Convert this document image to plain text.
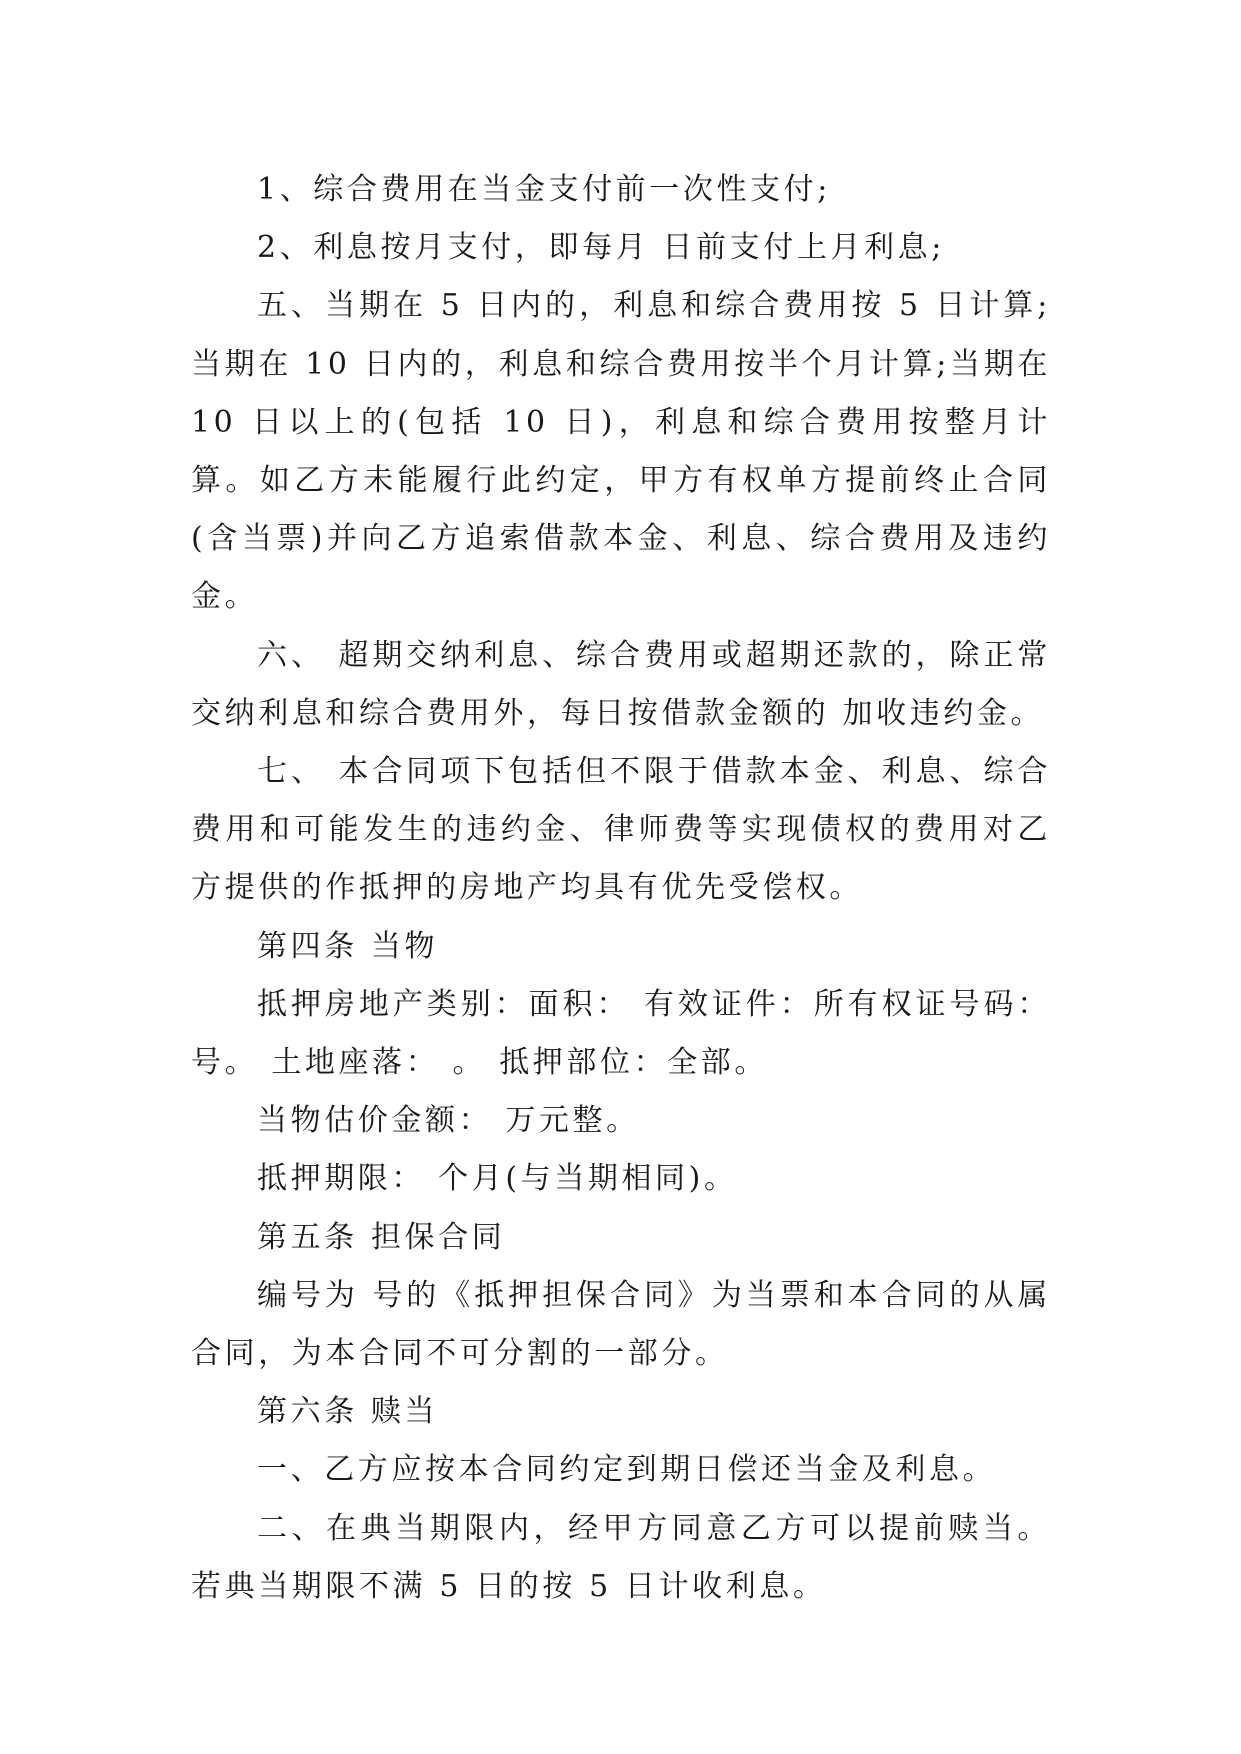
1、综合费用在当金支付前一次性支付;

2、利息按月支付，即每月 日前支付上月利息;

五、当期在 5 日内的，利息和综合费用按 5 日计算;当期在 10 日内的，利息和综合费用按半个月计算;当期在 10 日以上的(包括 10 日)，利息和综合费用按整月计算。如乙方未能履行此约定，甲方有权单方提前终止合同(含当票)并向乙方追索借款本金、利息、综合费用及违约金。

六、 超期交纳利息、综合费用或超期还款的，除正常交纳利息和综合费用外，每日按借款金额的 加收违约金。

七、 本合同项下包括但不限于借款本金、利息、综合费用和可能发生的违约金、律师费等实现债权的费用对乙方提供的作抵押的房地产均具有优先受偿权。

第四条 当物

抵押房地产类别：面积： 有效证件：所有权证号码： 号。 土地座落： 。 抵押部位：全部。

当物估价金额： 万元整。

抵押期限： 个月(与当期相同)。

第五条 担保合同

编号为 号的《抵押担保合同》为当票和本合同的从属合同，为本合同不可分割的一部分。

第六条 赎当

一、乙方应按本合同约定到期日偿还当金及利息。

二、在典当期限内，经甲方同意乙方可以提前赎当。若典当期限不满 5 日的按 5 日计收利息。
